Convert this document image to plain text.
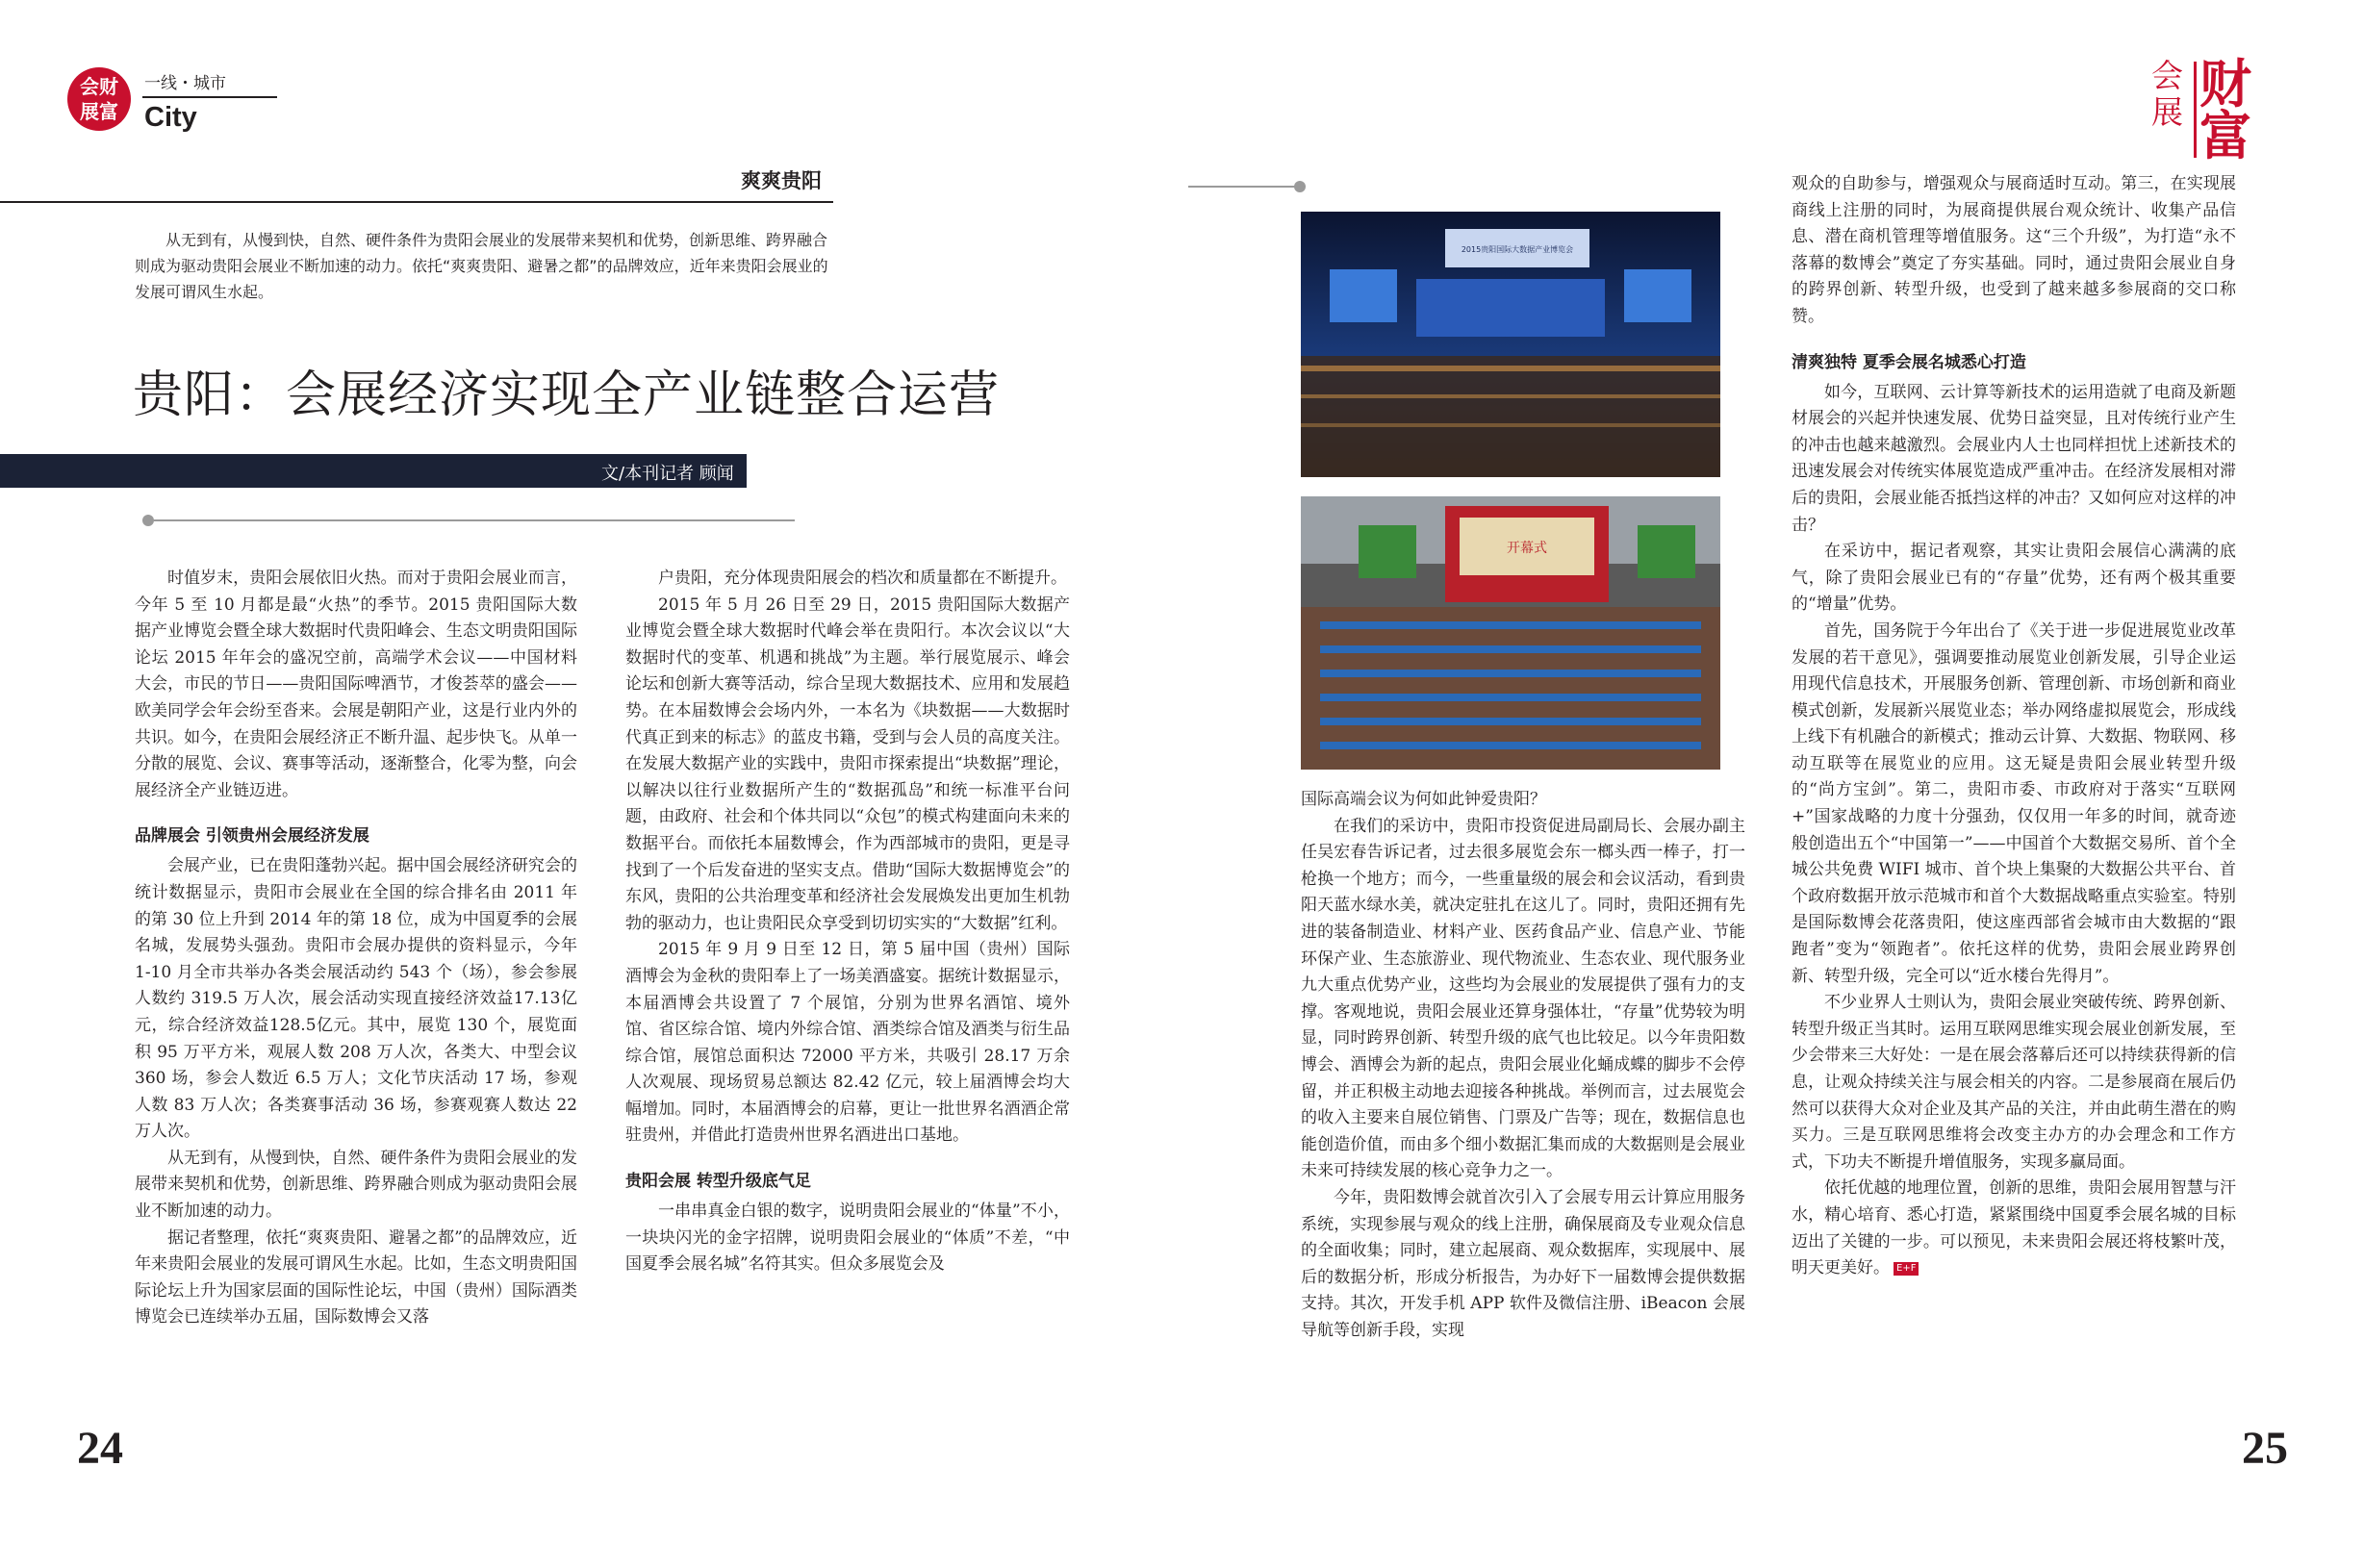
会财
展富
一线・城市
City
会
展 财
富
爽爽贵阳
从无到有，从慢到快，自然、硬件条件为贵阳会展业的发展带来契机和优势，创新思维、跨界融合则成为驱动贵阳会展业不断加速的动力。依托“爽爽贵阳、避暑之都”的品牌效应，近年来贵阳会展业的发展可谓风生水起。
贵阳：会展经济实现全产业链整合运营
文/本刊记者 顾闻

时值岁末，贵阳会展依旧火热。而对于贵阳会展业而言，今年 5 至 10 月都是最“火热”的季节。2015 贵阳国际大数据产业博览会暨全球大数据时代贵阳峰会、生态文明贵阳国际论坛 2015 年年会的盛况空前，高端学术会议——中国材料大会，市民的节日——贵阳国际啤酒节，才俊荟萃的盛会——欧美同学会年会纷至沓来。会展是朝阳产业，这是行业内外的共识。如今，在贵阳会展经济正不断升温、起步快飞。从单一分散的展览、会议、赛事等活动，逐渐整合，化零为整，向会展经济全产业链迈进。

品牌展会 引领贵州会展经济发展

会展产业，已在贵阳蓬勃兴起。据中国会展经济研究会的统计数据显示，贵阳市会展业在全国的综合排名由 2011 年的第 30 位上升到 2014 年的第 18 位，成为中国夏季的会展名城，发展势头强劲。贵阳市会展办提供的资料显示，今年 1-10 月全市共举办各类会展活动约 543 个（场），参会参展人数约 319.5 万人次，展会活动实现直接经济效益17.13亿元，综合经济效益128.5亿元。其中，展览 130 个，展览面积 95 万平方米，观展人数 208 万人次，各类大、中型会议 360 场，参会人数近 6.5 万人；文化节庆活动 17 场，参观人数 83 万人次；各类赛事活动 36 场，参赛观赛人数达 22 万人次。

从无到有，从慢到快，自然、硬件条件为贵阳会展业的发展带来契机和优势，创新思维、跨界融合则成为驱动贵阳会展业不断加速的动力。

据记者整理，依托“爽爽贵阳、避暑之都”的品牌效应，近年来贵阳会展业的发展可谓风生水起。比如，生态文明贵阳国际论坛上升为国家层面的国际性论坛，中国（贵州）国际酒类博览会已连续举办五届，国际数博会又落

户贵阳，充分体现贵阳展会的档次和质量都在不断提升。

2015 年 5 月 26 日至 29 日，2015 贵阳国际大数据产业博览会暨全球大数据时代峰会举在贵阳行。本次会议以“大数据时代的变革、机遇和挑战”为主题。举行展览展示、峰会论坛和创新大赛等活动，综合呈现大数据技术、应用和发展趋势。在本届数博会会场内外，一本名为《块数据——大数据时代真正到来的标志》的蓝皮书籍，受到与会人员的高度关注。在发展大数据产业的实践中，贵阳市探索提出“块数据”理论，以解决以往行业数据所产生的“数据孤岛”和统一标准平台问题，由政府、社会和个体共同以“众包”的模式构建面向未来的数据平台。而依托本届数博会，作为西部城市的贵阳，更是寻找到了一个后发奋进的坚实支点。借助“国际大数据博览会”的东风，贵阳的公共治理变革和经济社会发展焕发出更加生机勃勃的驱动力，也让贵阳民众享受到切切实实的“大数据”红利。

2015 年 9 月 9 日至 12 日，第 5 届中国（贵州）国际酒博会为金秋的贵阳奉上了一场美酒盛宴。据统计数据显示，本届酒博会共设置了 7 个展馆，分别为世界名酒馆、境外馆、省区综合馆、境内外综合馆、酒类综合馆及酒类与衍生品综合馆，展馆总面积达 72000 平方米，共吸引 28.17 万余人次观展、现场贸易总额达 82.42 亿元，较上届酒博会均大幅增加。同时，本届酒博会的启幕，更让一批世界名酒酒企常驻贵州，并借此打造贵州世界名酒进出口基地。

贵阳会展 转型升级底气足

一串串真金白银的数字，说明贵阳会展业的“体量”不小，一块块闪光的金字招牌，说明贵阳会展业的“体质”不差，“中国夏季会展名城”名符其实。但众多展览会及

2015贵阳国际大数据产业博览会
开幕式

国际高端会议为何如此钟爱贵阳？

在我们的采访中，贵阳市投资促进局副局长、会展办副主任吴宏春告诉记者，过去很多展览会东一榔头西一棒子，打一枪换一个地方；而今，一些重量级的展会和会议活动，看到贵阳天蓝水绿水美，就决定驻扎在这儿了。同时，贵阳还拥有先进的装备制造业、材料产业、医药食品产业、信息产业、节能环保产业、生态旅游业、现代物流业、生态农业、现代服务业九大重点优势产业，这些均为会展业的发展提供了强有力的支撑。客观地说，贵阳会展业还算身强体壮，“存量”优势较为明显，同时跨界创新、转型升级的底气也比较足。以今年贵阳数博会、酒博会为新的起点，贵阳会展业化蛹成蝶的脚步不会停留，并正积极主动地去迎接各种挑战。举例而言，过去展览会的收入主要来自展位销售、门票及广告等；现在，数据信息也能创造价值，而由多个细小数据汇集而成的大数据则是会展业未来可持续发展的核心竞争力之一。

今年，贵阳数博会就首次引入了会展专用云计算应用服务系统，实现参展与观众的线上注册，确保展商及专业观众信息的全面收集；同时，建立起展商、观众数据库，实现展中、展后的数据分析，形成分析报告，为办好下一届数博会提供数据支持。其次，开发手机 APP 软件及微信注册、iBeacon 会展导航等创新手段，实现

观众的自助参与，增强观众与展商适时互动。第三，在实现展商线上注册的同时，为展商提供展台观众统计、收集产品信息、潜在商机管理等增值服务。这“三个升级”，为打造“永不落幕的数博会”奠定了夯实基础。同时，通过贵阳会展业自身的跨界创新、转型升级，也受到了越来越多参展商的交口称赞。

清爽独特 夏季会展名城悉心打造

如今，互联网、云计算等新技术的运用造就了电商及新题材展会的兴起并快速发展、优势日益突显，且对传统行业产生的冲击也越来越激烈。会展业内人士也同样担忧上述新技术的迅速发展会对传统实体展览造成严重冲击。在经济发展相对滞后的贵阳，会展业能否抵挡这样的冲击？又如何应对这样的冲击？

在采访中，据记者观察，其实让贵阳会展信心满满的底气，除了贵阳会展业已有的“存量”优势，还有两个极其重要的“增量”优势。

首先，国务院于今年出台了《关于进一步促进展览业改革发展的若干意见》，强调要推动展览业创新发展，引导企业运用现代信息技术，开展服务创新、管理创新、市场创新和商业模式创新，发展新兴展览业态；举办网络虚拟展览会，形成线上线下有机融合的新模式；推动云计算、大数据、物联网、移动互联等在展览业的应用。这无疑是贵阳会展业转型升级的“尚方宝剑”。第二，贵阳市委、市政府对于落实“互联网 +”国家战略的力度十分强劲，仅仅用一年多的时间，就奇迹般创造出五个“中国第一”——中国首个大数据交易所、首个全城公共免费 WIFI 城市、首个块上集聚的大数据公共平台、首个政府数据开放示范城市和首个大数据战略重点实验室。特别是国际数博会花落贵阳，使这座西部省会城市由大数据的“跟跑者”变为“领跑者”。依托这样的优势，贵阳会展业跨界创新、转型升级，完全可以“近水楼台先得月”。

不少业界人士则认为，贵阳会展业突破传统、跨界创新、转型升级正当其时。运用互联网思维实现会展业创新发展，至少会带来三大好处：一是在展会落幕后还可以持续获得新的信息，让观众持续关注与展会相关的内容。二是参展商在展后仍然可以获得大众对企业及其产品的关注，并由此萌生潜在的购买力。三是互联网思维将会改变主办方的办会理念和工作方式，下功夫不断提升增值服务，实现多赢局面。

依托优越的地理位置，创新的思维，贵阳会展用智慧与汗水，精心培育、悉心打造，紧紧围绕中国夏季会展名城的目标迈出了关键的一步。可以预见，未来贵阳会展还将枝繁叶茂，明天更美好。 E+F

24	25
